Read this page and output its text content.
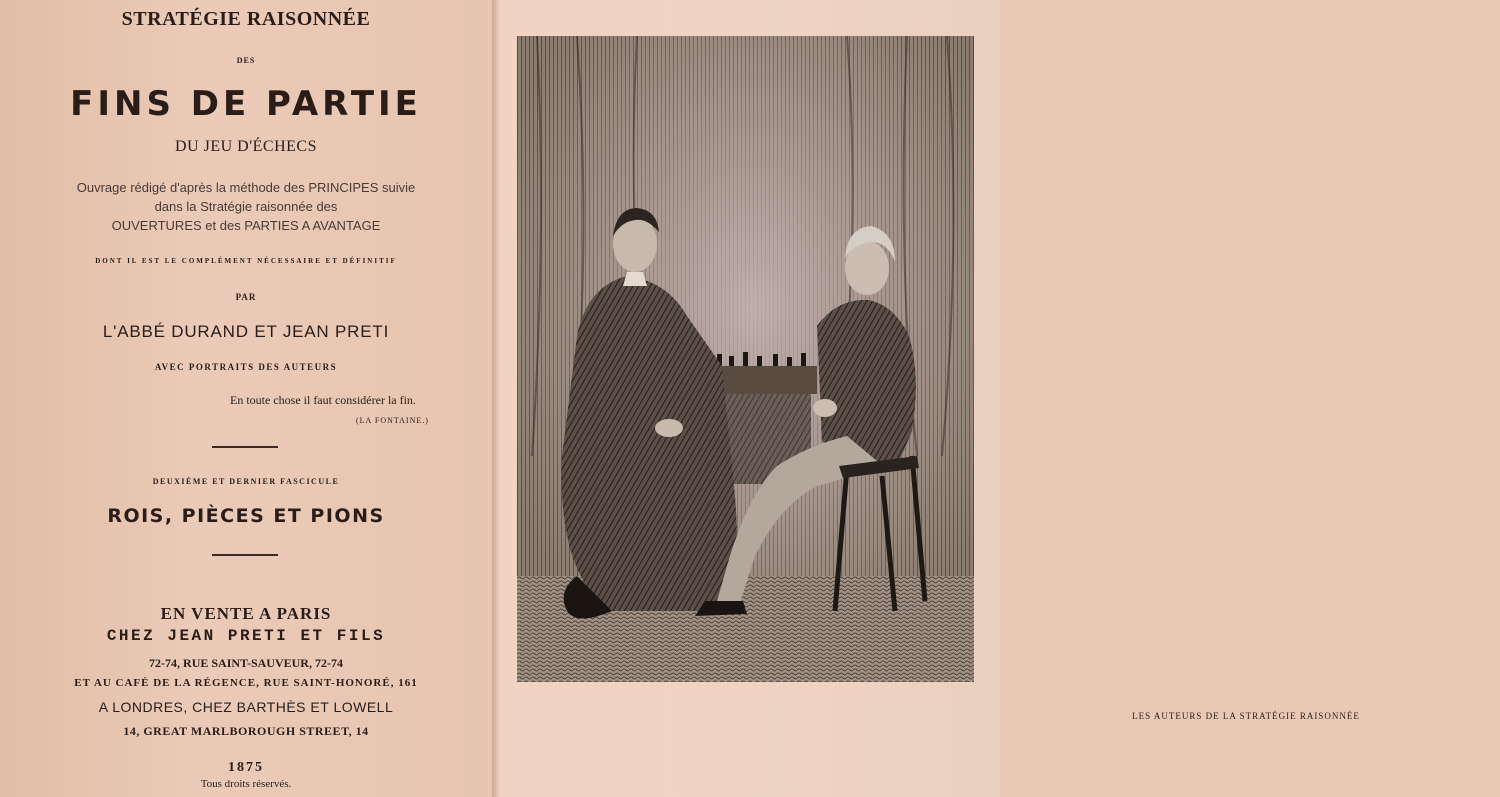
STRATÉGIE RAISONNÉE
DES
FINS DE PARTIE
DU JEU D'ÉCHECS
Ouvrage rédigé d'après la méthode des PRINCIPES suivie
dans la Stratégie raisonnée des
OUVERTURES et des PARTIES A AVANTAGE
DONT IL EST LE COMPLÉMENT NÉCESSAIRE ET DÉFINITIF
PAR
L'ABBÉ DURAND ET JEAN PRETI
AVEC PORTRAITS DES AUTEURS
En toute chose il faut considérer la fin.
(LA FONTAINE.)
DEUXIÈME ET DERNIER FASCICULE
ROIS, PIÈCES ET PIONS
EN VENTE A PARIS
CHEZ JEAN PRETI ET FILS
72-74, RUE SAINT-SAUVEUR, 72-74
ET AU CAFÉ DE LA RÉGENCE, RUE SAINT-HONORÉ, 161
A LONDRES, CHEZ BARTHÈS ET LOWELL
14, GREAT MARLBOROUGH STREET, 14
1875
Tous droits réservés.
LES AUTEURS DE LA STRATÉGIE RAISONNÉE
